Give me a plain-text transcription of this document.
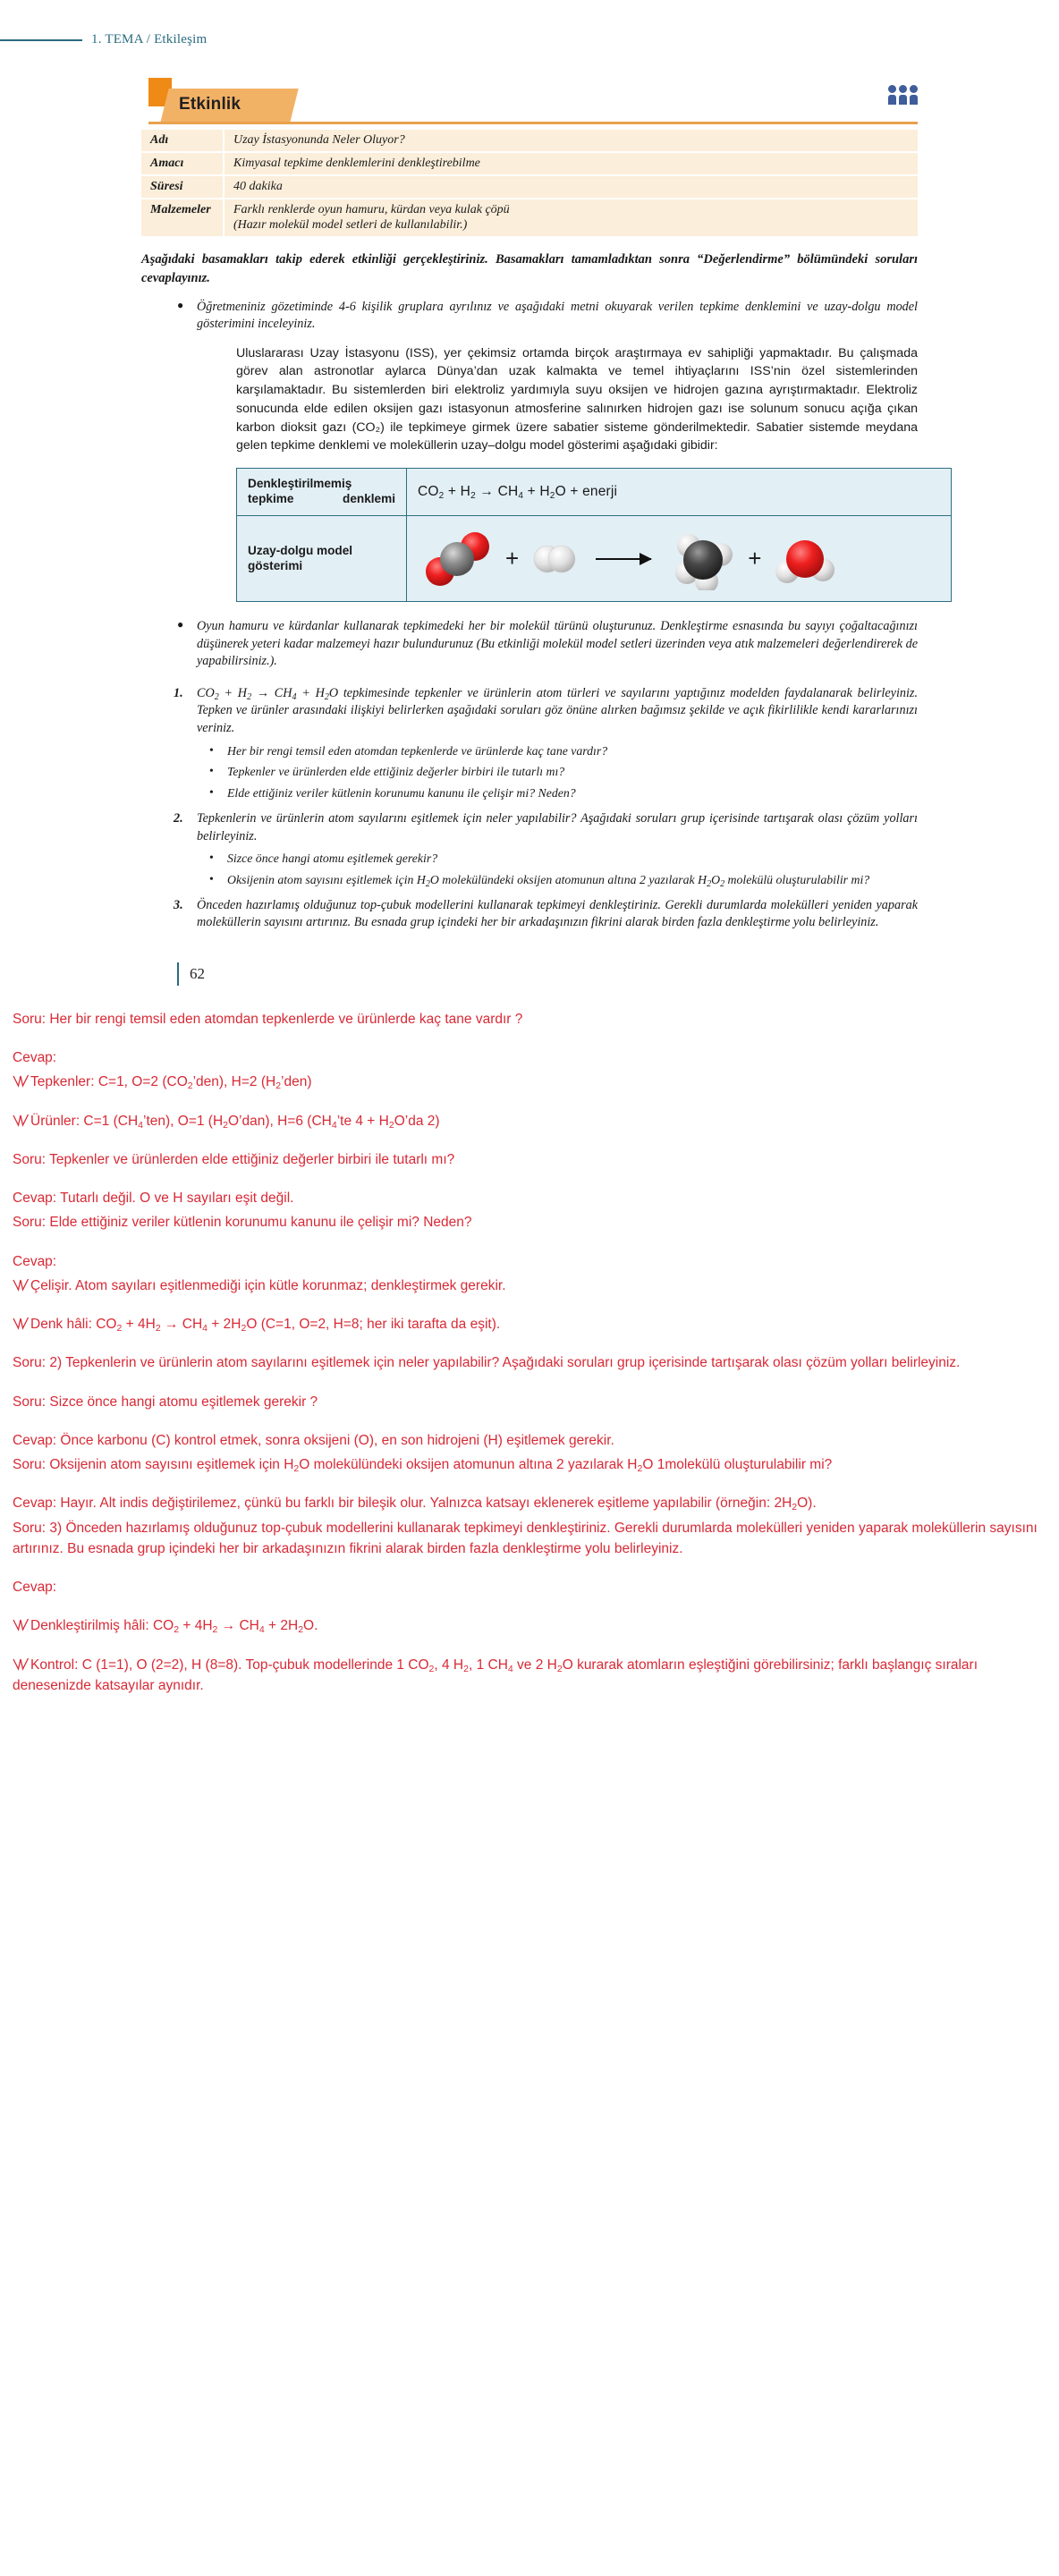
1. TEMA / Etkileşim
Etkinlik
Adı	Uzay İstasyonunda Neler Oluyor?
Amacı	Kimyasal tepkime denklemlerini denkleştirebilme
Süresi	40 dakika
Malzemeler	Farklı renklerde oyun hamuru, kürdan veya kulak çöpü
(Hazır molekül model setleri de kullanılabilir.)
Aşağıdaki basamakları takip ederek etkinliği gerçekleştiriniz. Basamakları tamamladıktan sonra “Değerlendirme” bölümündeki soruları cevaplayınız.
● Öğretmeniniz gözetiminde 4-6 kişilik gruplara ayrılınız ve aşağıdaki metni okuyarak verilen tepkime denklemini ve uzay-dolgu model gösterimini inceleyiniz.
Uluslararası Uzay İstasyonu (ISS), yer çekimsiz ortamda birçok araştırmaya ev sahipliği yapmaktadır. Bu çalışmada görev alan astronotlar aylarca Dünya’dan uzak kalmakta ve temel ihtiyaçlarını ISS’nin özel sistemlerinden karşılamaktadır. Bu sistemlerden biri elektroliz yardımıyla suyu oksijen ve hidrojen gazına ayrıştırmaktadır. Elektroliz sonucunda elde edilen oksijen gazı istasyonun atmosferine salınırken hidrojen gazı ise solunum sonucu açığa çıkan karbon dioksit gazı (CO₂) ile tepkimeye girmek üzere sabatier sisteme gönderilmektedir. Sabatier sistemde meydana gelen tepkime denklemi ve moleküllerin uzay–dolgu model gösterimi aşağıdaki gibidir:
Denkleştirilmemiş tepkime denklemi	$CO_2 + H_2 \to CH_4 + H_2O$ + enerji
Uzay-dolgu model gösterimi	+ +
● Oyun hamuru ve kürdanlar kullanarak tepkimedeki her bir molekül türünü oluşturunuz. Denkleştirme esnasında bu sayıyı çoğaltacağınızı düşünerek yeteri kadar malzemeyi hazır bulundurunuz (Bu etkinliği molekül model setleri üzerinden veya atık malzemeleri değerlendirerek de yapabilirsiniz.).
$CO_2 + H_2 \to CH_4 + H_2O$ tepkimesinde tepkenler ve ürünlerin atom türleri ve sayılarını yaptığınız modelden faydalanarak belirleyiniz. Tepken ve ürünler arasındaki ilişkiyi belirlerken aşağıdaki soruları göz önüne alırken bağımsız şekilde ve açık fikirlilikle kendi kararlarınızı veriniz.
• Her bir rengi temsil eden atomdan tepkenlerde ve ürünlerde kaç tane vardır?
• Tepkenler ve ürünlerden elde ettiğiniz değerler birbiri ile tutarlı mı?
• Elde ettiğiniz veriler kütlenin korunumu kanunu ile çelişir mi? Neden?
Tepkenlerin ve ürünlerin atom sayılarını eşitlemek için neler yapılabilir? Aşağıdaki soruları grup içerisinde tartışarak olası çözüm yolları belirleyiniz.
• Sizce önce hangi atomu eşitlemek gerekir?
• Oksijenin atom sayısını eşitlemek için $H_2O$ molekülündeki oksijen atomunun altına 2 yazılarak $H_2O_2$ molekülü oluşturulabilir mi?
Önceden hazırlamış olduğunuz top-çubuk modellerini kullanarak tepkimeyi denkleştiriniz. Gerekli durumlarda molekülleri yeniden yaparak moleküllerin sayısını artırınız. Bu esnada grup içindeki her bir arkadaşınızın fikrini alarak birden fazla denkleştirme yolu belirleyiniz.
62

Soru: Her bir rengi temsil eden atomdan tepkenlerde ve ürünlerde kaç tane vardır ?

Cevap:

Tepkenler: C=1, O=2 $(CO_2’den)$, H=2 $(H_2’den)$

Ürünler: C=1 $(CH_4’ten)$, O=1 $(H_2O’dan)$, H=6 ($CH_4’te$ $4 + H_2O’da$ 2)

Soru: Tepkenler ve ürünlerden elde ettiğiniz değerler birbiri ile tutarlı mı?

Cevap: Tutarlı değil. O ve H sayıları eşit değil.

Soru: Elde ettiğiniz veriler kütlenin korunumu kanunu ile çelişir mi? Neden?

Cevap:

Çelişir. Atom sayıları eşitlenmediği için kütle korunmaz; denkleştirmek gerekir.

Denk hâli: $CO_2 + 4H_2 \to CH_4 + 2H_2O$ (C=1, O=2, H=8; her iki tarafta da eşit).

Soru: 2) Tepkenlerin ve ürünlerin atom sayılarını eşitlemek için neler yapılabilir? Aşağıdaki soruları grup içerisinde tartışarak olası çözüm yolları belirleyiniz.

Soru: Sizce önce hangi atomu eşitlemek gerekir ?

Cevap: Önce karbonu (C) kontrol etmek, sonra oksijeni (O), en son hidrojeni (H) eşitlemek gerekir.

Soru: Oksijenin atom sayısını eşitlemek için $H_2O$ molekülündeki oksijen atomunun altına 2 yazılarak $H_2O$ 1molekülü oluşturulabilir mi?

Cevap: Hayır. Alt indis değiştirilemez, çünkü bu farklı bir bileşik olur. Yalnızca katsayı eklenerek eşitleme yapılabilir (örneğin: $2H_2O$).

Soru: 3) Önceden hazırlamış olduğunuz top-çubuk modellerini kullanarak tepkimeyi denkleştiriniz. Gerekli durumlarda molekülleri yeniden yaparak moleküllerin sayısını artırınız. Bu esnada grup içindeki her bir arkadaşınızın fikrini alarak birden fazla denkleştirme yolu belirleyiniz.

Cevap:

Denkleştirilmiş hâli: $CO_2 + 4H_2 \to CH_4 + 2H_2O$.

Kontrol: C (1=1), O (2=2), H (8=8). Top-çubuk modellerinde 1 $CO_2$, 4 $H_2$, 1 $CH_4$ ve 2 $H_2O$ kurarak atomların eşleştiğini görebilirsiniz; farklı başlangıç sıraları denesenizde katsayılar aynıdır.
